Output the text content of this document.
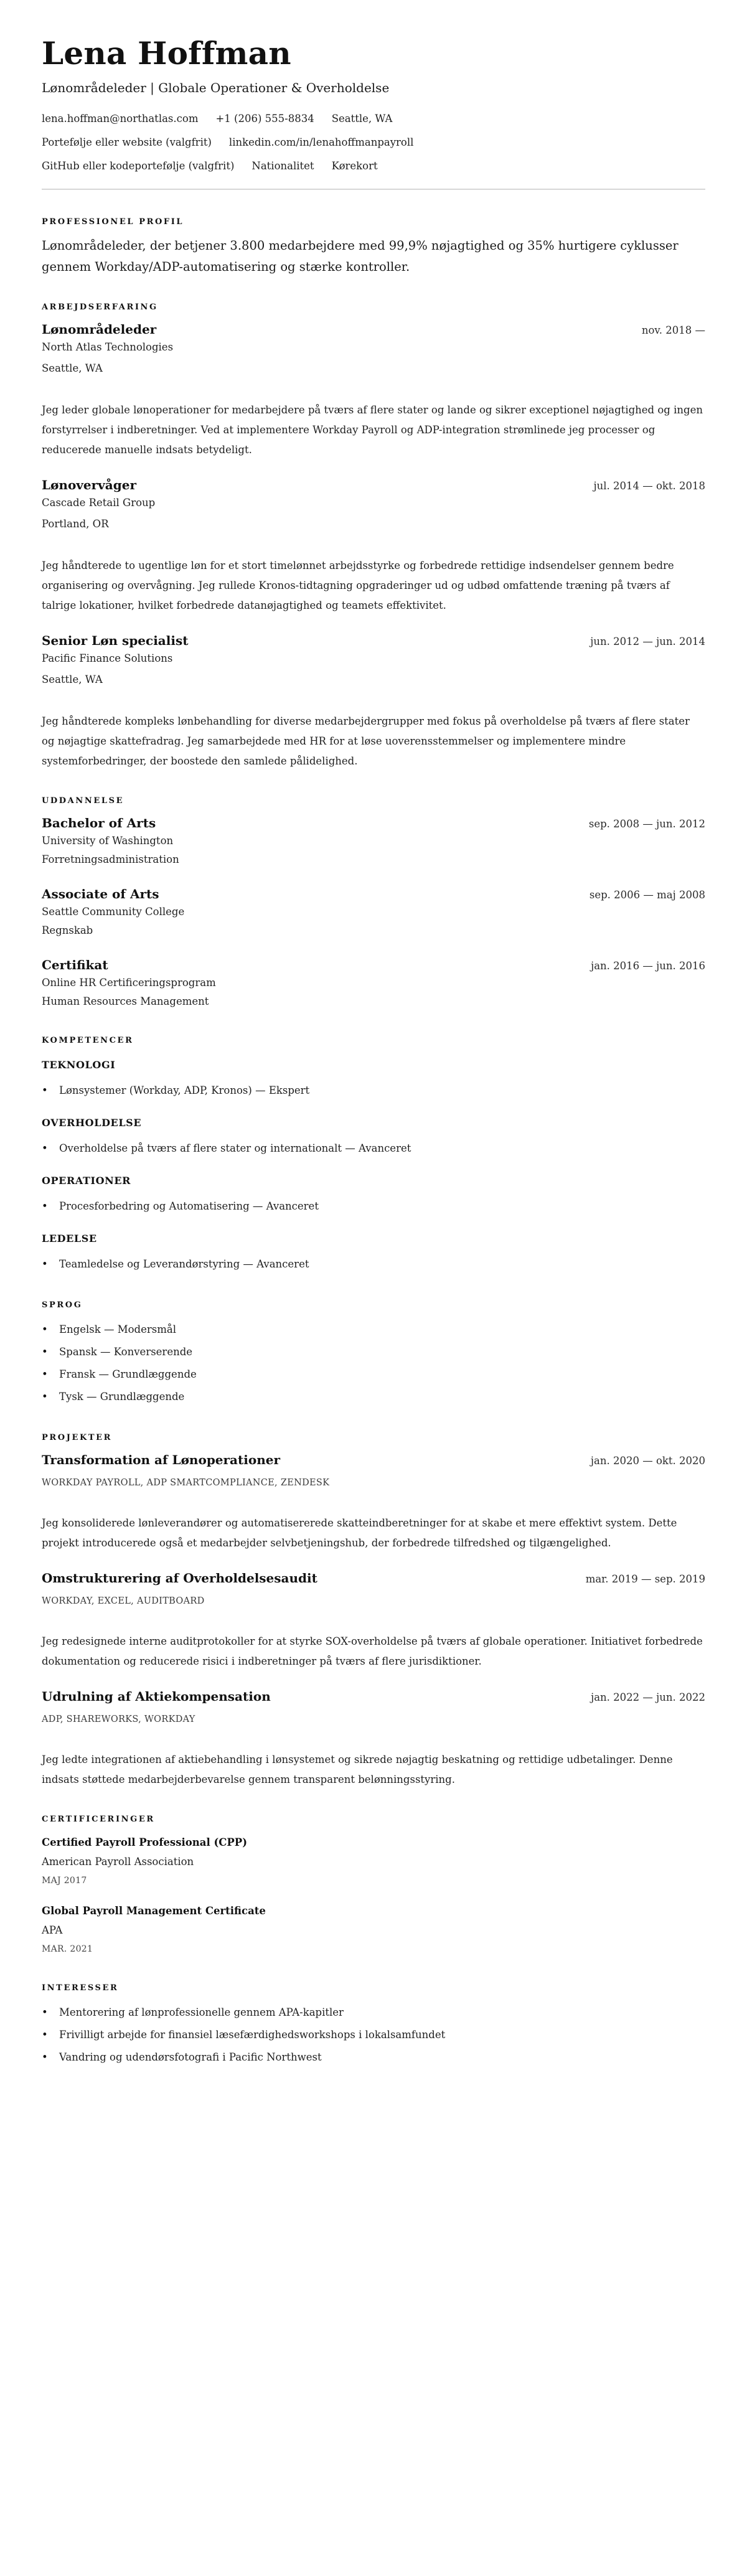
Lena Hoffman
Lønområdeleder | Globale Operationer & Overholdelse
lena.hoffman@northatlas.com +1 (206) 555-8834 Seattle, WA
Portefølje eller website (valgfrit) linkedin.com/in/lenahoffmanpayroll
GitHub eller kodeportefølje (valgfrit) Nationalitet Kørekort
PROFESSIONEL PROFIL

Lønområdeleder, der betjener 3.800 medarbejdere med 99,9% nøjagtighed og 35% hurtigere cyklusser gennem Workday/ADP-automatisering og stærke kontroller.

ARBEJDSERFARING
Lønområdeleder	nov. 2018 —
North Atlas Technologies
Seattle, WA

Jeg leder globale lønoperationer for medarbejdere på tværs af flere stater og lande og sikrer exceptionel nøjagtighed og ingen forstyrrelser i indberetninger. Ved at implementere Workday Payroll og ADP-integration strømlinede jeg processer og reducerede manuelle indsats betydeligt.

Lønovervåger	jul. 2014 — okt. 2018
Cascade Retail Group
Portland, OR

Jeg håndterede to ugentlige løn for et stort timelønnet arbejdsstyrke og forbedrede rettidige indsendelser gennem bedre organisering og overvågning. Jeg rullede Kronos-tidtagning opgraderinger ud og udbød omfattende træning på tværs af talrige lokationer, hvilket forbedrede datanøjagtighed og teamets effektivitet.

Senior Løn specialist	jun. 2012 — jun. 2014
Pacific Finance Solutions
Seattle, WA

Jeg håndterede kompleks lønbehandling for diverse medarbejdergrupper med fokus på overholdelse på tværs af flere stater og nøjagtige skattefradrag. Jeg samarbejdede med HR for at løse uoverensstemmelser og implementere mindre systemforbedringer, der boostede den samlede pålidelighed.

UDDANNELSE
Bachelor of Arts	sep. 2008 — jun. 2012
University of Washington
Forretningsadministration
Associate of Arts	sep. 2006 — maj 2008
Seattle Community College
Regnskab
Certifikat	jan. 2016 — jun. 2016
Online HR Certificeringsprogram
Human Resources Management
KOMPETENCER
TEKNOLOGI
• Lønsystemer (Workday, ADP, Kronos) — Ekspert
OVERHOLDELSE
• Overholdelse på tværs af flere stater og internationalt — Avanceret
OPERATIONER
• Procesforbedring og Automatisering — Avanceret
LEDELSE
• Teamledelse og Leverandørstyring — Avanceret
SPROG
• Engelsk — Modersmål
• Spansk — Konverserende
• Fransk — Grundlæggende
• Tysk — Grundlæggende
PROJEKTER
Transformation af Lønoperationer	jan. 2020 — okt. 2020
WORKDAY PAYROLL, ADP SMARTCOMPLIANCE, ZENDESK

Jeg konsoliderede lønleverandører og automatisererede skatteindberetninger for at skabe et mere effektivt system. Dette projekt introducerede også et medarbejder selvbetjeningshub, der forbedrede tilfredshed og tilgængelighed.

Omstrukturering af Overholdelsesaudit	mar. 2019 — sep. 2019
WORKDAY, EXCEL, AUDITBOARD

Jeg redesignede interne auditprotokoller for at styrke SOX-overholdelse på tværs af globale operationer. Initiativet forbedrede dokumentation og reducerede risici i indberetninger på tværs af flere jurisdiktioner.

Udrulning af Aktiekompensation	jan. 2022 — jun. 2022
ADP, SHAREWORKS, WORKDAY

Jeg ledte integrationen af aktiebehandling i lønsystemet og sikrede nøjagtig beskatning og rettidige udbetalinger. Denne indsats støttede medarbejderbevarelse gennem transparent belønningsstyring.

CERTIFICERINGER
Certified Payroll Professional (CPP)
American Payroll Association
MAJ 2017
Global Payroll Management Certificate
APA
MAR. 2021
INTERESSER
• Mentorering af lønprofessionelle gennem APA-kapitler
• Frivilligt arbejde for finansiel læsefærdighedsworkshops i lokalsamfundet
• Vandring og udendørsfotografi i Pacific Northwest
